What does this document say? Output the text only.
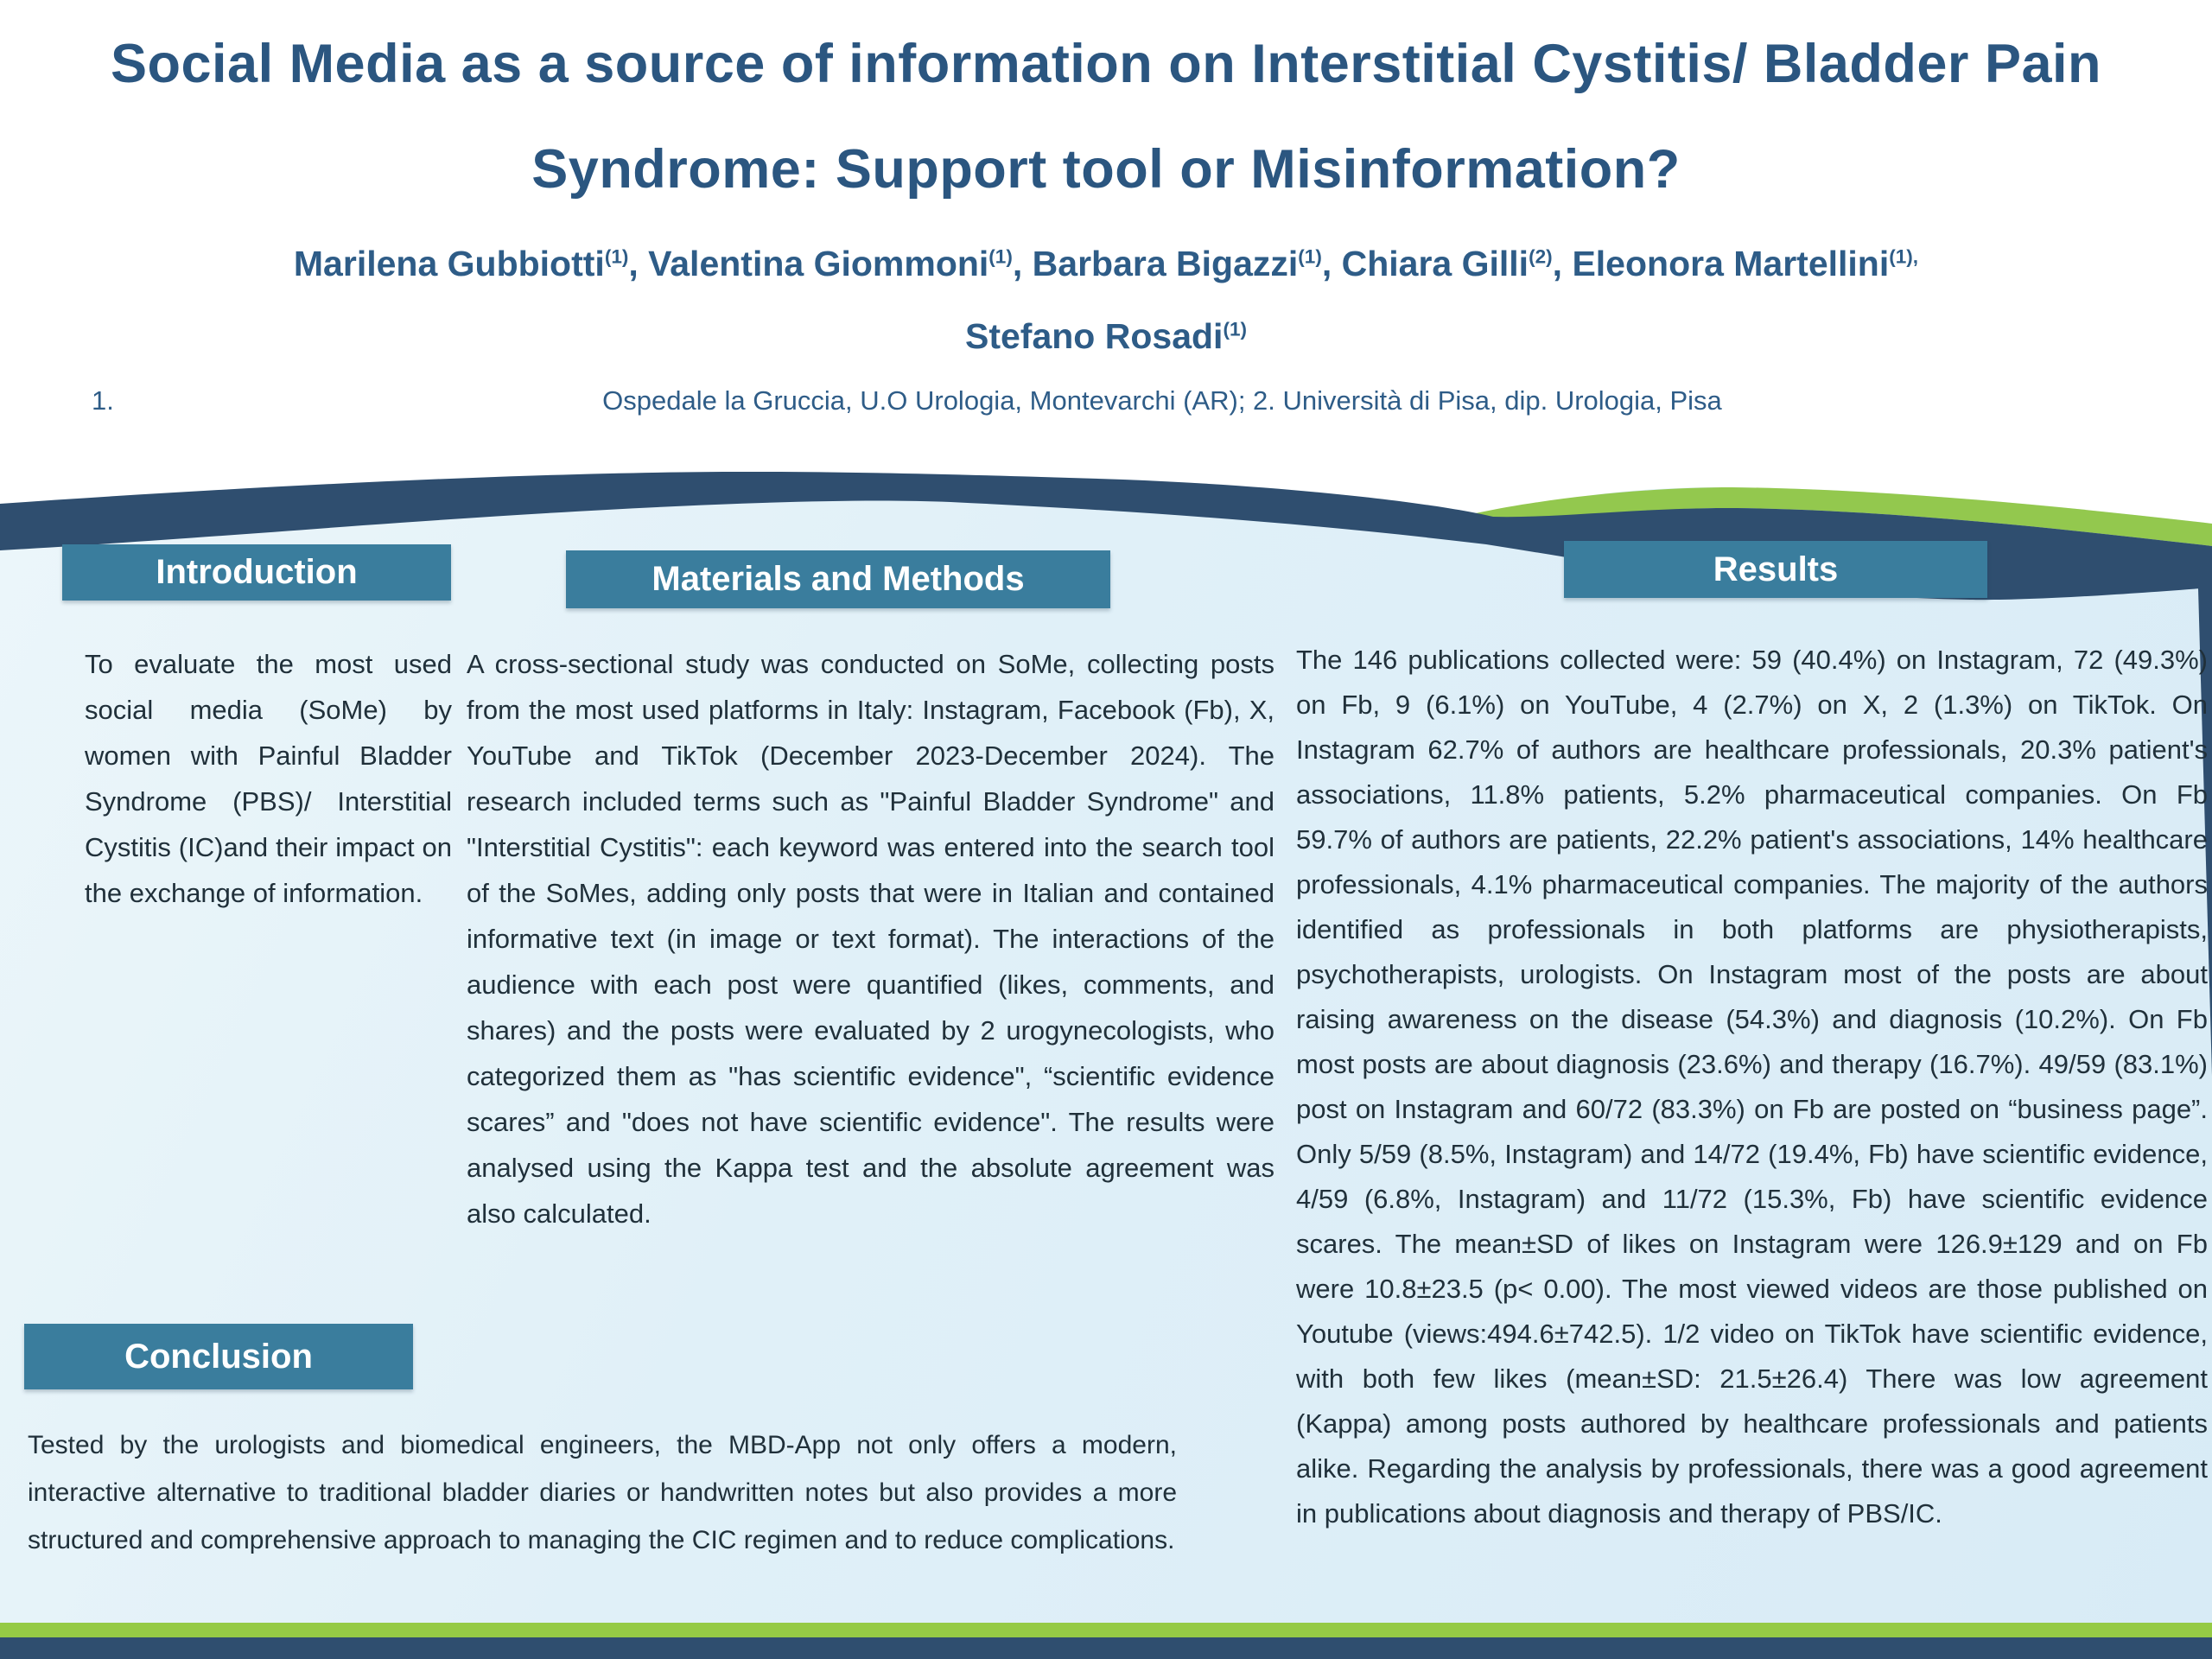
Social Media as a source of information on Interstitial Cystitis/ Bladder Pain
Syndrome: Support tool or Misinformation?
Marilena Gubbiotti$^{(1)}$, Valentina Giommoni$^{(1)}$, Barbara Bigazzi$^{(1)}$, Chiara Gilli$^{(2)}$, Eleonora Martellini$^{(1),}$
Stefano Rosadi$^{(1)}$
1.	Ospedale la Gruccia, U.O Urologia, Montevarchi (AR); 2. Università di Pisa, dip. Urologia, Pisa
Introduction	Materials and Methods	Results
Conclusion
To evaluate the most used social media (SoMe) by women with Painful Bladder Syndrome (PBS)/ Interstitial Cystitis (IC)and their impact on the exchange of information.
A cross-sectional study was conducted on SoMe, collecting posts from the most used platforms in Italy: Instagram, Facebook (Fb), X, YouTube and TikTok (December 2023-December 2024). The research included terms such as "Painful Bladder Syndrome" and "Interstitial Cystitis": each keyword was entered into the search tool of the SoMes, adding only posts that were in Italian and contained informative text (in image or text format). The interactions of the audience with each post were quantified (likes, comments, and shares) and the posts were evaluated by 2 urogynecologists, who categorized them as "has scientific evidence", “scientific evidence scares” and "does not have scientific evidence". The results were analysed using the Kappa test and the absolute agreement was also calculated.
The 146 publications collected were: 59 (40.4%) on Instagram, 72 (49.3%) on Fb, 9 (6.1%) on YouTube, 4 (2.7%) on X, 2 (1.3%) on TikTok. On Instagram 62.7% of authors are healthcare professionals, 20.3% patient's associations, 11.8% patients, 5.2% pharmaceutical companies. On Fb 59.7% of authors are patients, 22.2% patient's associations, 14% healthcare professionals, 4.1% pharmaceutical companies. The majority of the authors identified as professionals in both platforms are physiotherapists, psychotherapists, urologists. On Instagram most of the posts are about raising awareness on the disease (54.3%) and diagnosis (10.2%). On Fb most posts are about diagnosis (23.6%) and therapy (16.7%). 49/59 (83.1%) post on Instagram and 60/72 (83.3%) on Fb are posted on “business page”. Only 5/59 (8.5%, Instagram) and 14/72 (19.4%, Fb) have scientific evidence, 4/59 (6.8%, Instagram) and 11/72 (15.3%, Fb) have scientific evidence scares. The mean±SD of likes on Instagram were 126.9±129 and on Fb were 10.8±23.5 (p< 0.00). The most viewed videos are those published on Youtube (views:494.6±742.5). 1/2 video on TikTok have scientific evidence, with both few likes (mean±SD: 21.5±26.4) There was low agreement (Kappa) among posts authored by healthcare professionals and patients alike. Regarding the analysis by professionals, there was a good agreement in publications about diagnosis and therapy of PBS/IC.
Tested by the urologists and biomedical engineers, the MBD-App not only offers a modern, interactive alternative to traditional bladder diaries or handwritten notes but also provides a more structured and comprehensive approach to managing the CIC regimen and to reduce complications.
